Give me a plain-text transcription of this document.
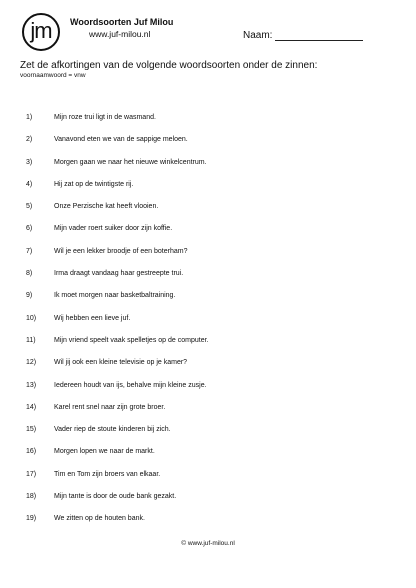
jm Woordsoorten Juf Milou
www.juf-milou.nl	Naam:
Zet de afkortingen van de volgende woordsoorten onder de zinnen:
voornaamwoord = vnw
1)	Mijn roze trui ligt in de wasmand.
2)	Vanavond eten we van de sappige meloen.
3)	Morgen gaan we naar het nieuwe winkelcentrum.
4)	Hij zat op de twintigste rij.
5)	Onze Perzische kat heeft vlooien.
6)	Mijn vader roert suiker door zijn koffie.
7)	Wil je een lekker broodje of een boterham?
8)	Irma draagt vandaag haar gestreepte trui.
9)	Ik moet morgen naar basketbaltraining.
10)	Wij hebben een lieve juf.
11)	Mijn vriend speelt vaak spelletjes op de computer.
12)	Wil jij ook een kleine televisie op je kamer?
13)	Iedereen houdt van ijs, behalve mijn kleine zusje.
14)	Karel rent snel naar zijn grote broer.
15)	Vader riep de stoute kinderen bij zich.
16)	Morgen lopen we naar de markt.
17)	Tim en Tom zijn broers van elkaar.
18)	Mijn tante is door de oude bank gezakt.
19)	We zitten op de houten bank.
© www.juf-milou.nl
